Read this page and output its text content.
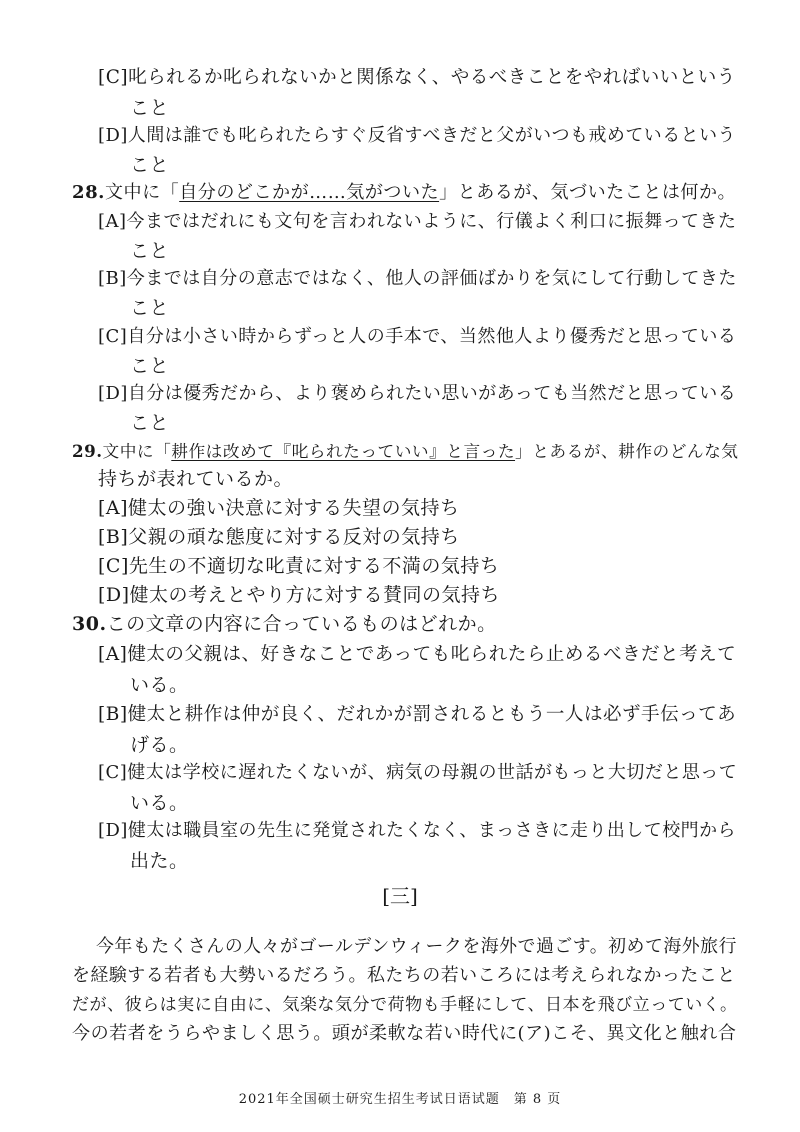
[C]叱られるか叱られないかと関係なく、やるべきことをやればいいという
こと
[D]人間は誰でも叱られたらすぐ反省すべきだと父がいつも戒めているという
こと
28.文中に「自分のどこかが……気がついた」とあるが、気づいたことは何か。
[A]今まではだれにも文句を言われないように、行儀よく利口に振舞ってきた
こと
[B]今までは自分の意志ではなく、他人の評価ばかりを気にして行動してきた
こと
[C]自分は小さい時からずっと人の手本で、当然他人より優秀だと思っている
こと
[D]自分は優秀だから、より褒められたい思いがあっても当然だと思っている
こと
29.文中に「耕作は改めて『叱られたっていい』と言った」とあるが、耕作のどんな気
持ちが表れているか。
[A]健太の強い決意に対する失望の気持ち
[B]父親の頑な態度に対する反対の気持ち
[C]先生の不適切な叱責に対する不満の気持ち
[D]健太の考えとやり方に対する賛同の気持ち
30.この文章の内容に合っているものはどれか。
[A]健太の父親は、好きなことであっても叱られたら止めるべきだと考えて
いる。
[B]健太と耕作は仲が良く、だれかが罰されるともう一人は必ず手伝ってあ
げる。
[C]健太は学校に遅れたくないが、病気の母親の世話がもっと大切だと思って
いる。
[D]健太は職員室の先生に発覚されたくなく、まっさきに走り出して校門から
出た。
[三]
今年もたくさんの人々がゴールデンウィークを海外で過ごす。初めて海外旅行
を経験する若者も大勢いるだろう。私たちの若いころには考えられなかったこと
だが、彼らは実に自由に、気楽な気分で荷物も手軽にして、日本を飛び立っていく。
今の若者をうらやましく思う。頭が柔軟な若い時代に(ア)こそ、異文化と触れ合
2021年全国硕士研究生招生考试日语试题　第 8 页
